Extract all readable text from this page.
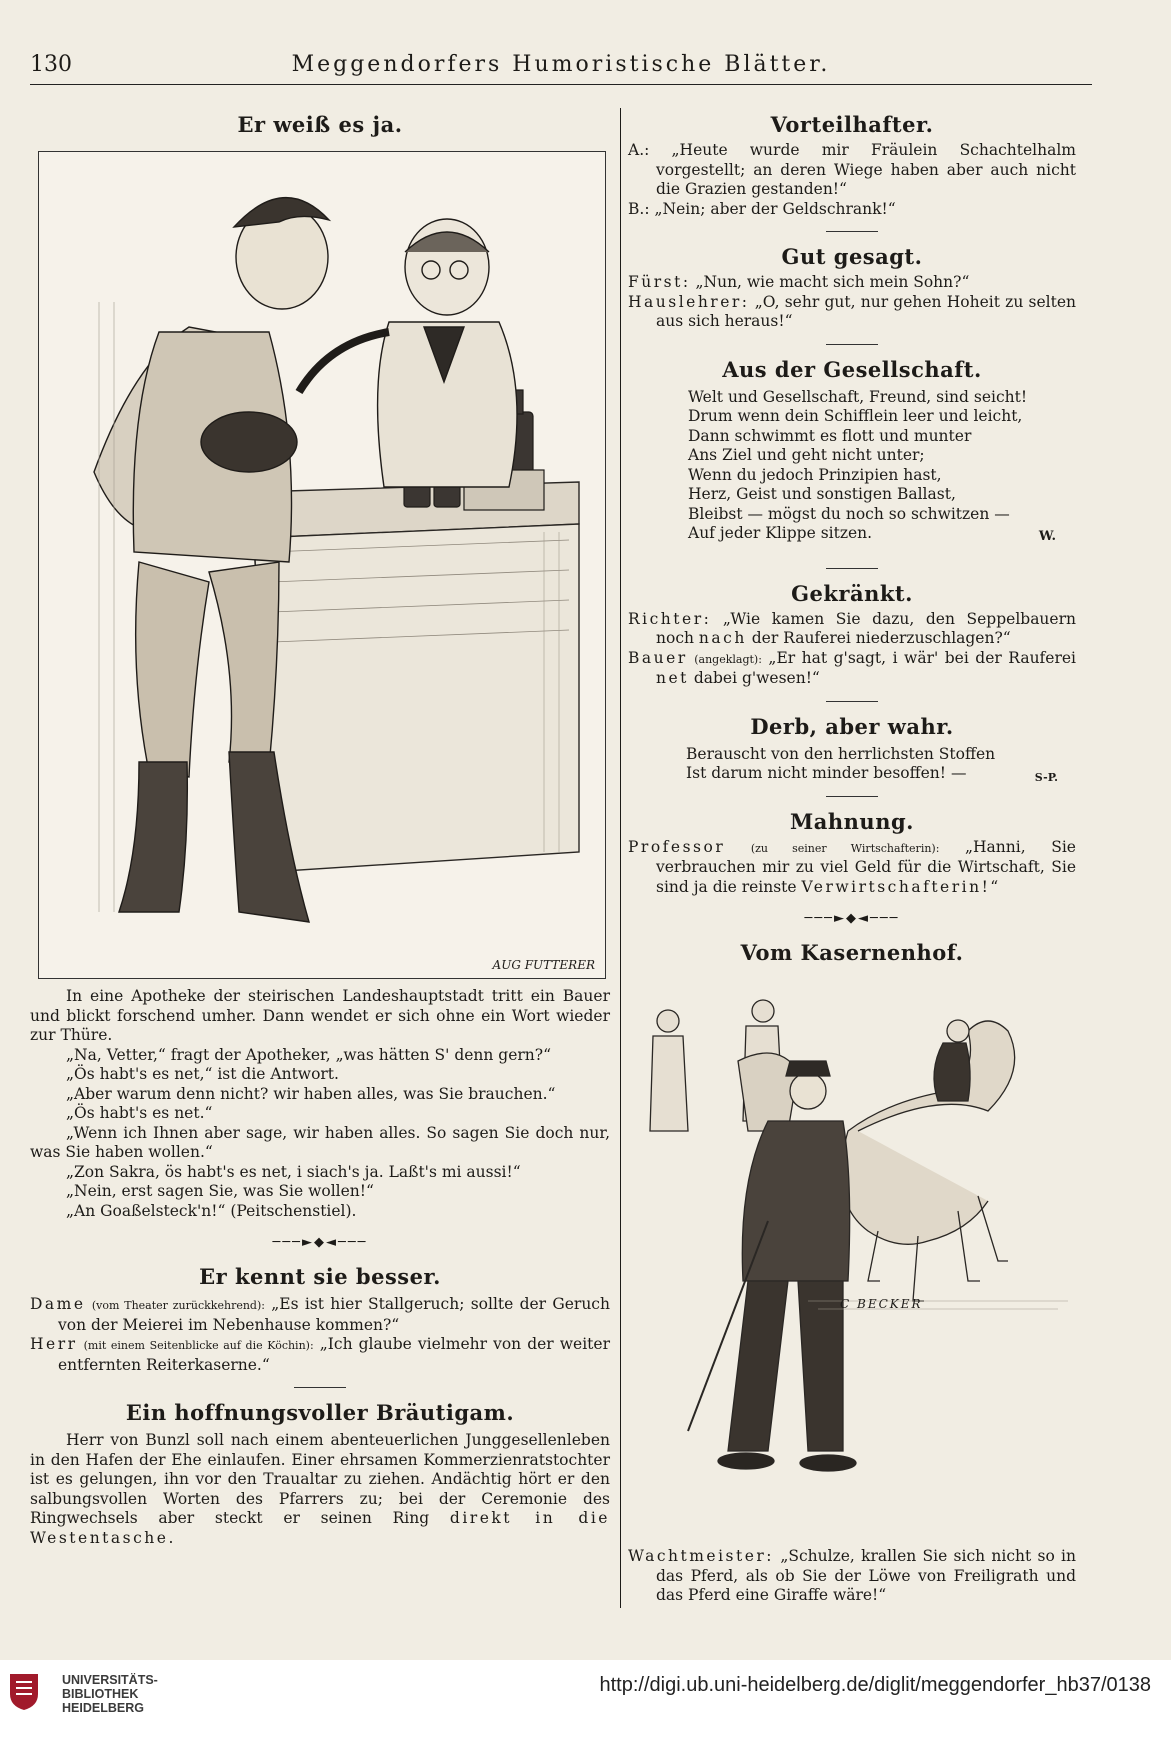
130	Meggendorfers Humoristische Blätter.
Er weiß es ja.
AUG FUTTERER

In eine Apotheke der steirischen Landeshauptstadt tritt ein Bauer und blickt forschend umher. Dann wendet er sich ohne ein Wort wieder zur Thüre.

„Na, Vetter,“ fragt der Apotheker, „was hätten S' denn gern?“

„Ös habt's es net,“ ist die Antwort.

„Aber warum denn nicht? wir haben alles, was Sie brauchen.“

„Ös habt's es net.“

„Wenn ich Ihnen aber sage, wir haben alles. So sagen Sie doch nur, was Sie haben wollen.“

„Zon Sakra, ös habt's es net, i siach's ja. Laßt's mi aussi!“

„Nein, erst sagen Sie, was Sie wollen!“

„An Goaßelsteck'n!“ (Peitschenstiel).

───►◆◄───
Er kennt sie besser.

Dame (vom Theater zurückkehrend): „Es ist hier Stallgeruch; sollte der Geruch von der Meierei im Nebenhause kommen?“

Herr (mit einem Seitenblicke auf die Köchin): „Ich glaube vielmehr von der weiter entfernten Reiterkaserne.“

Ein hoffnungsvoller Bräutigam.

Herr von Bunzl soll nach einem abenteuerlichen Junggesellenleben in den Hafen der Ehe einlaufen. Einer ehrsamen Kommerzienratstochter ist es gelungen, ihn vor den Traualtar zu ziehen. Andächtig hört er den salbungsvollen Worten des Pfarrers zu; bei der Ceremonie des Ringwechsels aber steckt er seinen Ring direkt in die Westentasche.

Vorteilhafter.

A.: „Heute wurde mir Fräulein Schachtelhalm vorgestellt; an deren Wiege haben aber auch nicht die Grazien gestanden!“

B.: „Nein; aber der Geldschrank!“

Gut gesagt.

Fürst: „Nun, wie macht sich mein Sohn?“

Hauslehrer: „O, sehr gut, nur gehen Hoheit zu selten aus sich heraus!“

Aus der Gesellschaft.
Welt und Gesellschaft, Freund, sind seicht!
Drum wenn dein Schifflein leer und leicht,
Dann schwimmt es flott und munter
Ans Ziel und geht nicht unter;
Wenn du jedoch Prinzipien hast,
Herz, Geist und sonstigen Ballast,
Bleibst — mögst du noch so schwitzen —
Auf jeder Klippe sitzen.	W.
Gekränkt.

Richter: „Wie kamen Sie dazu, den Seppelbauern noch nach der Rauferei niederzuschlagen?“

Bauer (angeklagt): „Er hat g'sagt, i wär' bei der Rauferei net dabei g'wesen!“

Derb, aber wahr.
Berauscht von den herrlichsten Stoffen
Ist darum nicht minder besoffen! —	S-P.
Mahnung.

Professor (zu seiner Wirtschafterin): „Hanni, Sie verbrauchen mir zu viel Geld für die Wirtschaft, Sie sind ja die reinste Verwirtschafterin!“

───►◆◄───
Vom Kasernenhof.
C BECKER

Wachtmeister: „Schulze, krallen Sie sich nicht so in das Pferd, als ob Sie der Löwe von Freiligrath und das Pferd eine Giraffe wäre!“

UNIVERSITÄTS-
BIBLIOTHEK
HEIDELBERG
http://digi.ub.uni-heidelberg.de/diglit/meggendorfer_hb37/0138
